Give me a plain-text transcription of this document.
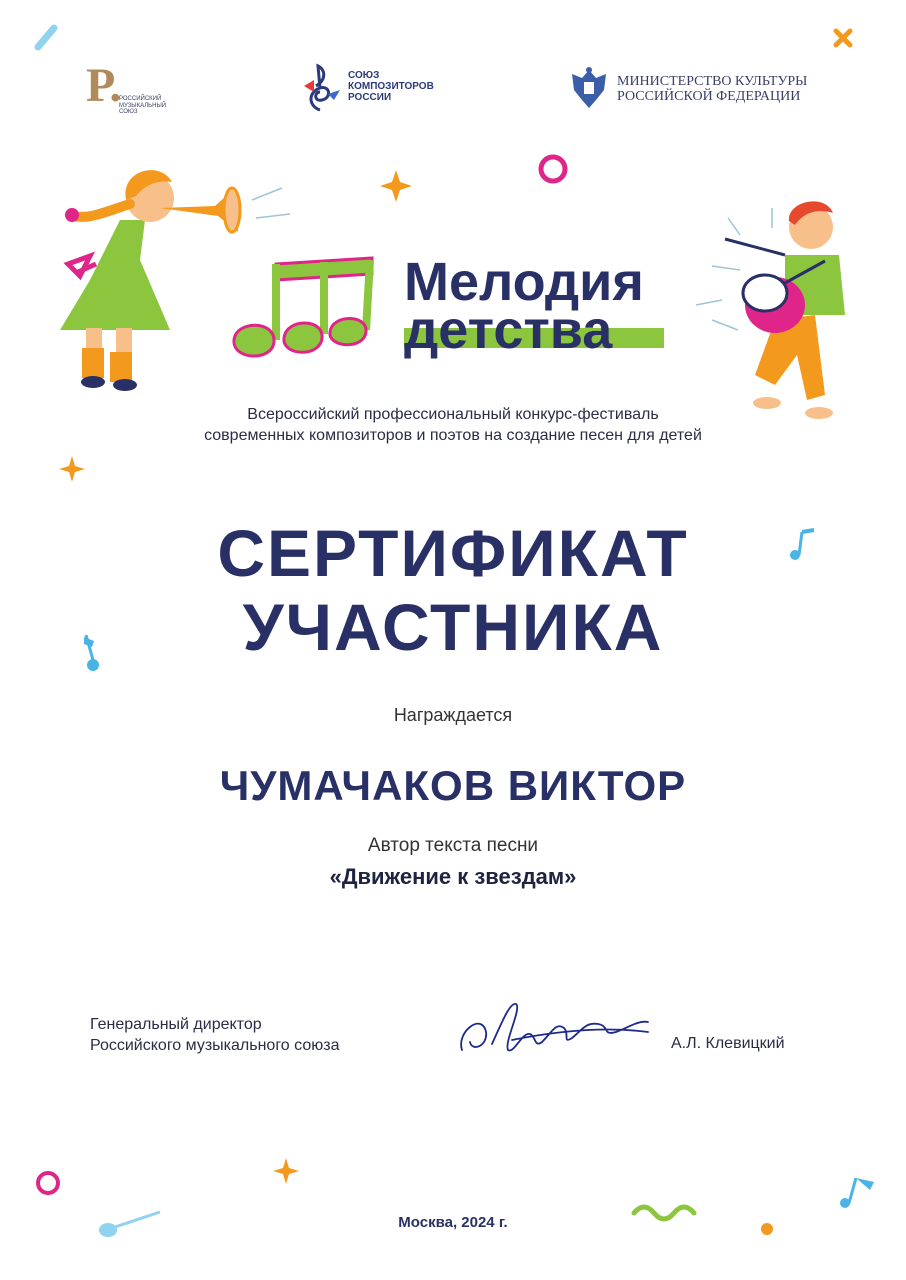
Р.
РОССИЙСКИЙ
МУЗЫКАЛЬНЫЙ СОЮЗ
СОЮЗ
КОМПОЗИТОРОВ
РОССИИ
МИНИСТЕРСТВО КУЛЬТУРЫ
РОССИЙСКОЙ ФЕДЕРАЦИИ
Мелодия
детства
Всероссийский профессиональный конкурс-фестиваль
современных композиторов и поэтов на создание песен для детей
СЕРТИФИКАТ
УЧАСТНИКА
Награждается
ЧУМАЧАКОВ ВИКТОР
Автор текста песни
«Движение к звездам»
Генеральный директор
Российского музыкального союза	А.Л. Клевицкий
Москва, 2024 г.
